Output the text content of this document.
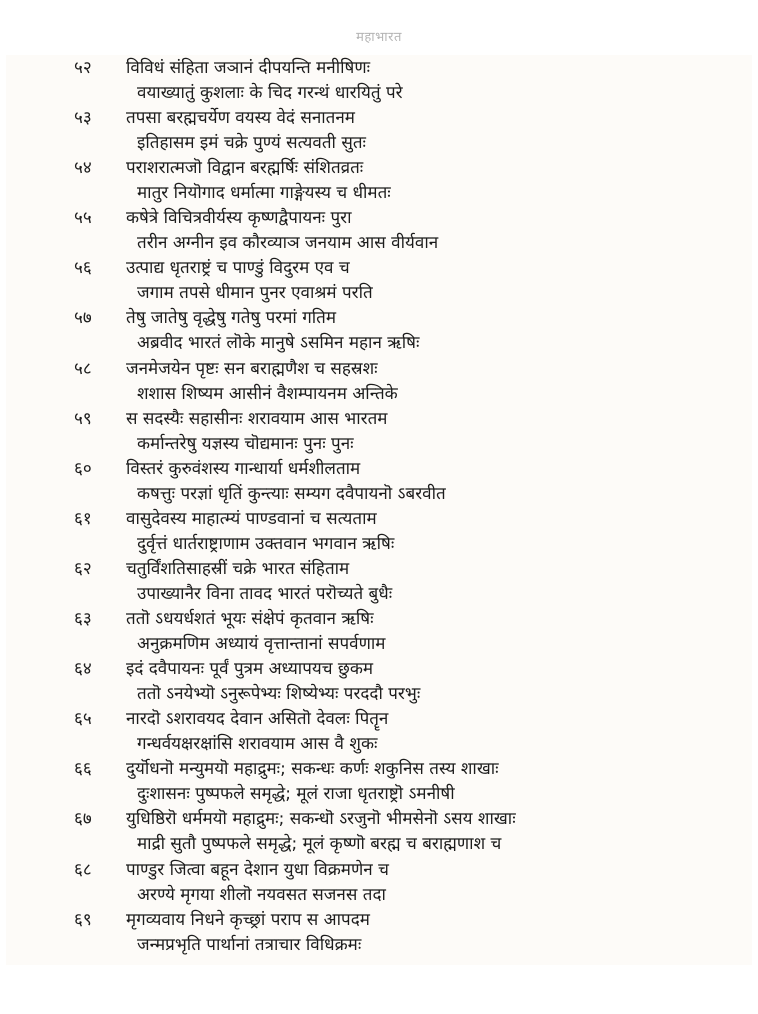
महाभारत
५२ विविधं संहिता जञानं दीपयन्ति मनीषिणः
वयाख्यातुं कुशलाः के चिद गरन्थं धारयितुं परे
५३ तपसा बरह्मचर्येण वयस्य वेदं सनातनम
इतिहासम इमं चक्रे पुण्यं सत्यवती सुतः
५४ पराशरात्मजॊ विद्वान बरह्मर्षिः संशितव्रतः
मातुर नियॊगाद धर्मात्मा गाङ्गेयस्य च धीमतः
५५ कषेत्रे विचित्रवीर्यस्य कृष्णद्वैपायनः पुरा
तरीन अग्नीन इव कौरव्याञ जनयाम आस वीर्यवान
५६ उत्पाद्य धृतराष्ट्रं च पाण्डुं विदुरम एव च
जगाम तपसे धीमान पुनर एवाश्रमं परति
५७ तेषु जातेषु वृद्धेषु गतेषु परमां गतिम
अब्रवीद भारतं लॊके मानुषे ऽसमिन महान ऋषिः
५८ जनमेजयेन पृष्टः सन बराह्मणैश च सहस्रशः
शशास शिष्यम आसीनं वैशम्पायनम अन्तिके
५९ स सदस्यैः सहासीनः शरावयाम आस भारतम
कर्मान्तरेषु यज्ञस्य चॊद्यमानः पुनः पुनः
६० विस्तरं कुरुवंशस्य गान्धार्या धर्मशीलताम
कषत्तुः परज्ञां धृतिं कुन्त्याः सम्यग दवैपायनॊ ऽबरवीत
६१ वासुदेवस्य माहात्म्यं पाण्डवानां च सत्यताम
दुर्वृत्तं धार्तराष्ट्राणाम उक्तवान भगवान ऋषिः
६२ चतुर्विंशतिसाहस्रीं चक्रे भारत संहिताम
उपाख्यानैर विना तावद भारतं परॊच्यते बुधैः
६३ ततॊ ऽधयर्धशतं भूयः संक्षेपं कृतवान ऋषिः
अनुक्रमणिम अध्यायं वृत्तान्तानां सपर्वणाम
६४ इदं दवैपायनः पूर्वं पुत्रम अध्यापयच छुकम
ततॊ ऽनयेभ्यॊ ऽनुरूपेभ्यः शिष्येभ्यः परददौ परभुः
६५ नारदॊ ऽशरावयद देवान असितॊ देवलः पितॄन
गन्धर्वयक्षरक्षांसि शरावयाम आस वै शुकः
६६ दुर्यॊधनॊ मन्युमयॊ महाद्रुमः; सकन्धः कर्णः शकुनिस तस्य शाखाः
दुःशासनः पुष्पफले समृद्धे; मूलं राजा धृतराष्ट्रॊ ऽमनीषी
६७ युधिष्ठिरॊ धर्ममयॊ महाद्रुमः; सकन्धॊ ऽरजुनॊ भीमसेनॊ ऽसय शाखाः
माद्री सुतौ पुष्पफले समृद्धे; मूलं कृष्णॊ बरह्म च बराह्मणाश च
६८ पाण्डुर जित्वा बहून देशान युधा विक्रमणेन च
अरण्ये मृगया शीलॊ नयवसत सजनस तदा
६९ मृगव्यवाय निधने कृच्छ्रां पराप स आपदम
जन्मप्रभृति पार्थानां तत्राचार विधिक्रमः
